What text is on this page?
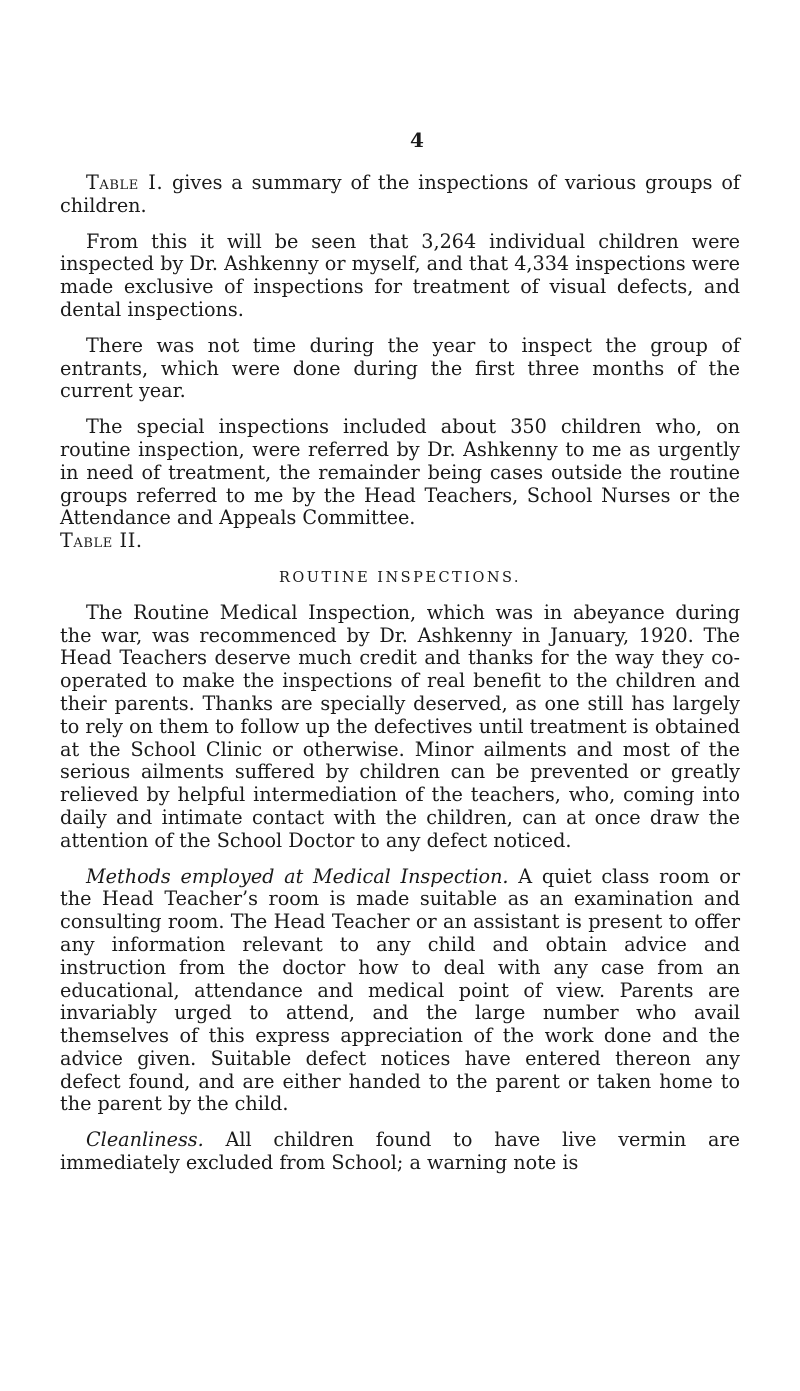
4

Table I. gives a summary of the inspections of various groups of children.

From this it will be seen that 3,264 individual children were inspected by Dr. Ashkenny or myself, and that 4,334 inspections were made exclusive of inspections for treatment of visual defects, and dental inspections.

There was not time during the year to inspect the group of entrants, which were done during the first three months of the current year.

The special inspections included about 350 children who, on routine inspection, were referred by Dr. Ashkenny to me as urgently in need of treatment, the remainder being cases outside the routine groups referred to me by the Head Teachers, School Nurses or the Attendance and Appeals Committee.

Table II.
ROUTINE INSPECTIONS.

The Routine Medical Inspection, which was in abeyance during the war, was recommenced by Dr. Ashkenny in January, 1920. The Head Teachers deserve much credit and thanks for the way they co-operated to make the inspections of real benefit to the children and their parents. Thanks are specially deserved, as one still has largely to rely on them to follow up the defectives until treatment is obtained at the School Clinic or otherwise. Minor ailments and most of the serious ailments suffered by children can be prevented or greatly relieved by helpful intermediation of the teachers, who, coming into daily and intimate contact with the children, can at once draw the attention of the School Doctor to any defect noticed.

Methods employed at Medical Inspection. A quiet class room or the Head Teacher’s room is made suitable as an examination and consulting room. The Head Teacher or an assistant is present to offer any information relevant to any child and obtain advice and instruction from the doctor how to deal with any case from an educational, attendance and medical point of view. Parents are invariably urged to attend, and the large number who avail themselves of this express appreciation of the work done and the advice given. Suitable defect notices have entered thereon any defect found, and are either handed to the parent or taken home to the parent by the child.

Cleanliness. All children found to have live vermin are immediately excluded from School; a warning note is
